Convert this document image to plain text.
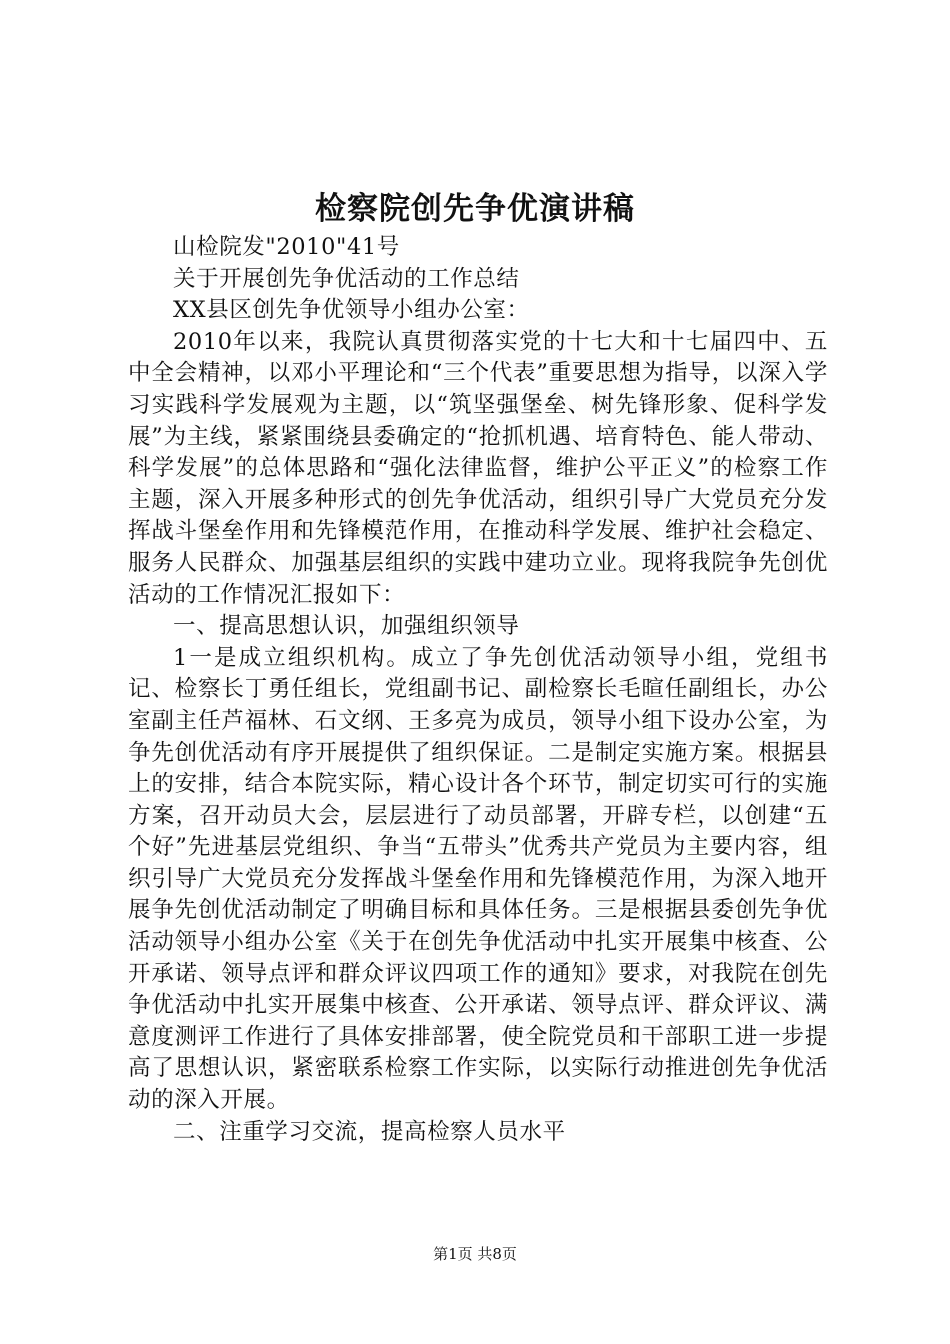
检察院创先争优演讲稿

山检院发"2010"41号

关于开展创先争优活动的工作总结

XX县区创先争优领导小组办公室：

2010年以来，我院认真贯彻落实党的十七大和十七届四中、五中全会精神，以邓小平理论和“三个代表”重要思想为指导，以深入学习实践科学发展观为主题，以“筑坚强堡垒、树先锋形象、促科学发展”为主线，紧紧围绕县委确定的“抢抓机遇、培育特色、能人带动、科学发展”的总体思路和“强化法律监督，维护公平正义”的检察工作主题，深入开展多种形式的创先争优活动，组织引导广大党员充分发挥战斗堡垒作用和先锋模范作用，在推动科学发展、维护社会稳定、服务人民群众、加强基层组织的实践中建功立业。现将我院争先创优活动的工作情况汇报如下：

一、提高思想认识，加强组织领导

1一是成立组织机构。成立了争先创优活动领导小组，党组书记、检察长丁勇任组长，党组副书记、副检察长毛暄任副组长，办公室副主任芦福林、石文纲、王多亮为成员，领导小组下设办公室，为争先创优活动有序开展提供了组织保证。二是制定实施方案。根据县上的安排，结合本院实际，精心设计各个环节，制定切实可行的实施方案，召开动员大会，层层进行了动员部署，开辟专栏，以创建“五个好”先进基层党组织、争当“五带头”优秀共产党员为主要内容，组织引导广大党员充分发挥战斗堡垒作用和先锋模范作用，为深入地开展争先创优活动制定了明确目标和具体任务。三是根据县委创先争优活动领导小组办公室《关于在创先争优活动中扎实开展集中核查、公开承诺、领导点评和群众评议四项工作的通知》要求，对我院在创先争优活动中扎实开展集中核查、公开承诺、领导点评、群众评议、满意度测评工作进行了具体安排部署，使全院党员和干部职工进一步提高了思想认识，紧密联系检察工作实际，以实际行动推进创先争优活动的深入开展。

二、注重学习交流，提高检察人员水平

第1页 共8页
